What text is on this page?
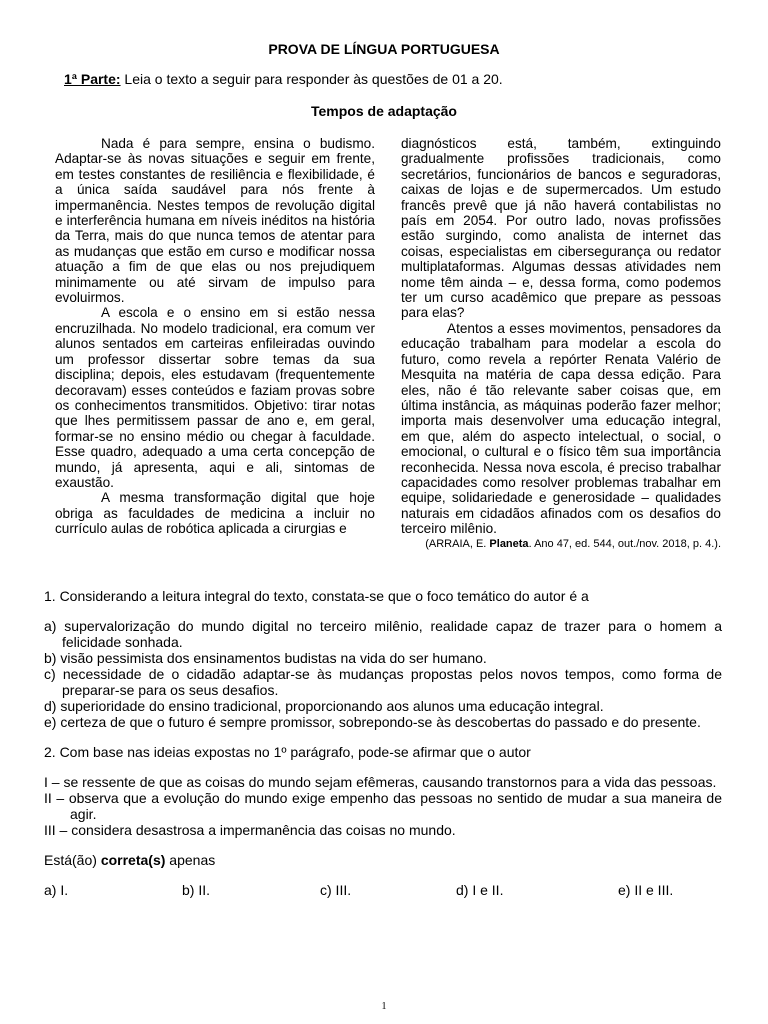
PROVA DE LÍNGUA PORTUGUESA
1ª Parte: Leia o texto a seguir para responder às questões de 01 a 20.
Tempos de adaptação

Nada é para sempre, ensina o budismo. Adaptar-se às novas situações e seguir em frente, em testes constantes de resiliência e flexibilidade, é a única saída saudável para nós frente à impermanência. Nestes tempos de revolução digital e interferência humana em níveis inéditos na história da Terra, mais do que nunca temos de atentar para as mudanças que estão em curso e modificar nossa atuação a fim de que elas ou nos prejudiquem minimamente ou até sirvam de impulso para evoluirmos.

A escola e o ensino em si estão nessa encruzilhada. No modelo tradicional, era comum ver alunos sentados em carteiras enfileiradas ouvindo um professor dissertar sobre temas da sua disciplina; depois, eles estudavam (frequentemente decoravam) esses conteúdos e faziam provas sobre os conhecimentos transmitidos. Objetivo: tirar notas que lhes permitissem passar de ano e, em geral, formar-se no ensino médio ou chegar à faculdade. Esse quadro, adequado a uma certa concepção de mundo, já apresenta, aqui e ali, sintomas de exaustão.

A mesma transformação digital que hoje obriga as faculdades de medicina a incluir no currículo aulas de robótica aplicada a cirurgias e

diagnósticos está, também, extinguindo gradualmente profissões tradicionais, como secretários, funcionários de bancos e seguradoras, caixas de lojas e de supermercados. Um estudo francês prevê que já não haverá contabilistas no país em 2054. Por outro lado, novas profissões estão surgindo, como analista de internet das coisas, especialistas em cibersegurança ou redator multiplataformas. Algumas dessas atividades nem nome têm ainda – e, dessa forma, como podemos ter um curso acadêmico que prepare as pessoas para elas?

Atentos a esses movimentos, pensadores da educação trabalham para modelar a escola do futuro, como revela a repórter Renata Valério de Mesquita na matéria de capa dessa edição. Para eles, não é tão relevante saber coisas que, em última instância, as máquinas poderão fazer melhor; importa mais desenvolver uma educação integral, em que, além do aspecto intelectual, o social, o emocional, o cultural e o físico têm sua importância reconhecida. Nessa nova escola, é preciso trabalhar capacidades como resolver problemas trabalhar em equipe, solidariedade e generosidade – qualidades naturais em cidadãos afinados com os desafios do terceiro milênio.

(ARRAIA, E. Planeta. Ano 47, ed. 544, out./nov. 2018, p. 4.).

1. Considerando a leitura integral do texto, constata-se que o foco temático do autor é a

a) supervalorização do mundo digital no terceiro milênio, realidade capaz de trazer para o homem a felicidade sonhada.

b) visão pessimista dos ensinamentos budistas na vida do ser humano.

c) necessidade de o cidadão adaptar-se às mudanças propostas pelos novos tempos, como forma de preparar-se para os seus desafios.

d) superioridade do ensino tradicional, proporcionando aos alunos uma educação integral.

e) certeza de que o futuro é sempre promissor, sobrepondo-se às descobertas do passado e do presente.

2. Com base nas ideias expostas no 1º parágrafo, pode-se afirmar que o autor

I – se ressente de que as coisas do mundo sejam efêmeras, causando transtornos para a vida das pessoas.

II – observa que a evolução do mundo exige empenho das pessoas no sentido de mudar a sua maneira de agir.

III – considera desastrosa a impermanência das coisas no mundo.

Está(ão) correta(s) apenas

a) I.	b) II.	c) III.	d) I e II.	e) II e III.
1
